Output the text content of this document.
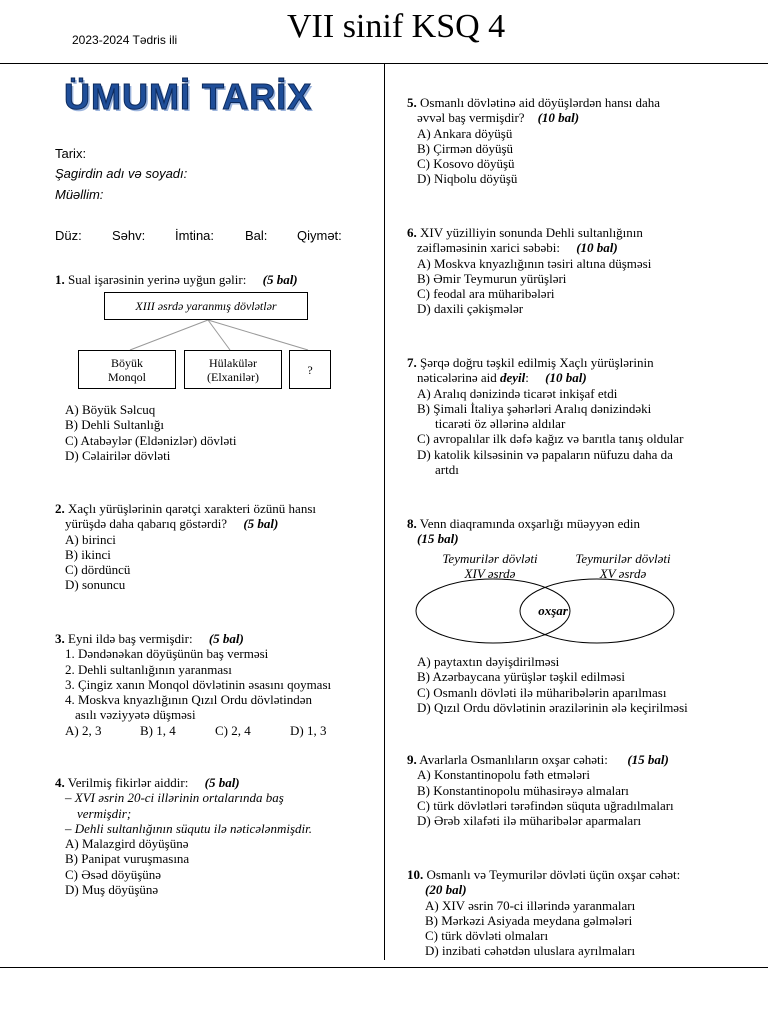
2023-2024 Tədris ili	VII sinif KSQ 4
ÜMUMİ TARİX
Tarix:
Şagirdin adı və soyadı:
Müəllim:
Düz: Səhv: İmtina: Bal: Qiymət:
1. Sual işarəsinin yerinə uyğun gəlir: (5 bal)
XIII əsrdə yaranmış dövlətlər
Böyük
Monqol
Hülakülər
(Elxanilər)	?
A) Böyük Səlcuq
B) Dehli Sultanlığı
C) Atabəylər (Eldənizlər) dövləti
D) Cəlairilər dövləti
2. Xaçlı yürüşlərinin qarətçi xarakteri özünü hansı
yürüşdə daha qabarıq göstərdi? (5 bal)
A) birinci
B) ikinci
C) dördüncü
D) sonuncu
3. Eyni ildə baş vermişdir: (5 bal)
1. Dəndənəkan döyüşünün baş verməsi
2. Dehli sultanlığının yaranması
3. Çingiz xanın Monqol dövlətinin əsasını qoyması
4. Moskva knyazlığının Qızıl Ordu dövlətindən
asılı vəziyyətə düşməsi
A) 2, 3	B) 1, 4	C) 2, 4	D) 1, 3
4. Verilmiş fikirlər aiddir: (5 bal)
– XVI əsrin 20-ci illərinin ortalarında baş
vermişdir;
– Dehli sultanlığının süqutu ilə nəticələnmişdir.
A) Malazgird döyüşünə
B) Panipat vuruşmasına
C) Əsəd döyüşünə
D) Muş döyüşünə
5. Osmanlı dövlətinə aid döyüşlərdən hansı daha
əvvəl baş vermişdir? (10 bal)
A) Ankara döyüşü
B) Çirmən döyüşü
C) Kosovo döyüşü
D) Niqbolu döyüşü
6. XIV yüzilliyin sonunda Dehli sultanlığının
zəifləməsinin xarici səbəbi: (10 bal)
A) Moskva knyazlığının təsiri altına düşməsi
B) Əmir Teymurun yürüşləri
C) feodal ara müharibələri
D) daxili çəkişmələr
7. Şərqə doğru təşkil edilmiş Xaçlı yürüşlərinin
nəticələrinə aid deyil: (10 bal)
A) Aralıq dənizində ticarət inkişaf etdi
B) Şimali İtaliya şəhərləri Aralıq dənizindəki
ticarəti öz əllərinə aldılar
C) avropalılar ilk dəfə kağız və barıtla tanış oldular
D) katolik kilsəsinin və papaların nüfuzu daha da
artdı
8. Venn diaqramında oxşarlığı müəyyən edin
(15 bal)
Teymurilər dövləti
XIV əsrdə
Teymurilər dövləti
XV əsrdə
oxşar
A) paytaxtın dəyişdirilməsi
B) Azərbaycana yürüşlər təşkil edilməsi
C) Osmanlı dövləti ilə müharibələrin aparılması
D) Qızıl Ordu dövlətinin ərazilərinin ələ keçirilməsi
9. Avarlarla Osmanlıların oxşar cəhəti: (15 bal)
A) Konstantinopolu fəth etmələri
B) Konstantinopolu mühasirəyə almaları
C) türk dövlətləri tərəfindən süquta uğradılmaları
D) Ərəb xilafəti ilə müharibələr aparmaları
10. Osmanlı və Teymurilər dövləti üçün oxşar cəhət:
(20 bal)
A) XIV əsrin 70-ci illərində yaranmaları
B) Mərkəzi Asiyada meydana gəlmələri
C) türk dövləti olmaları
D) inzibati cəhətdən uluslara ayrılmaları
